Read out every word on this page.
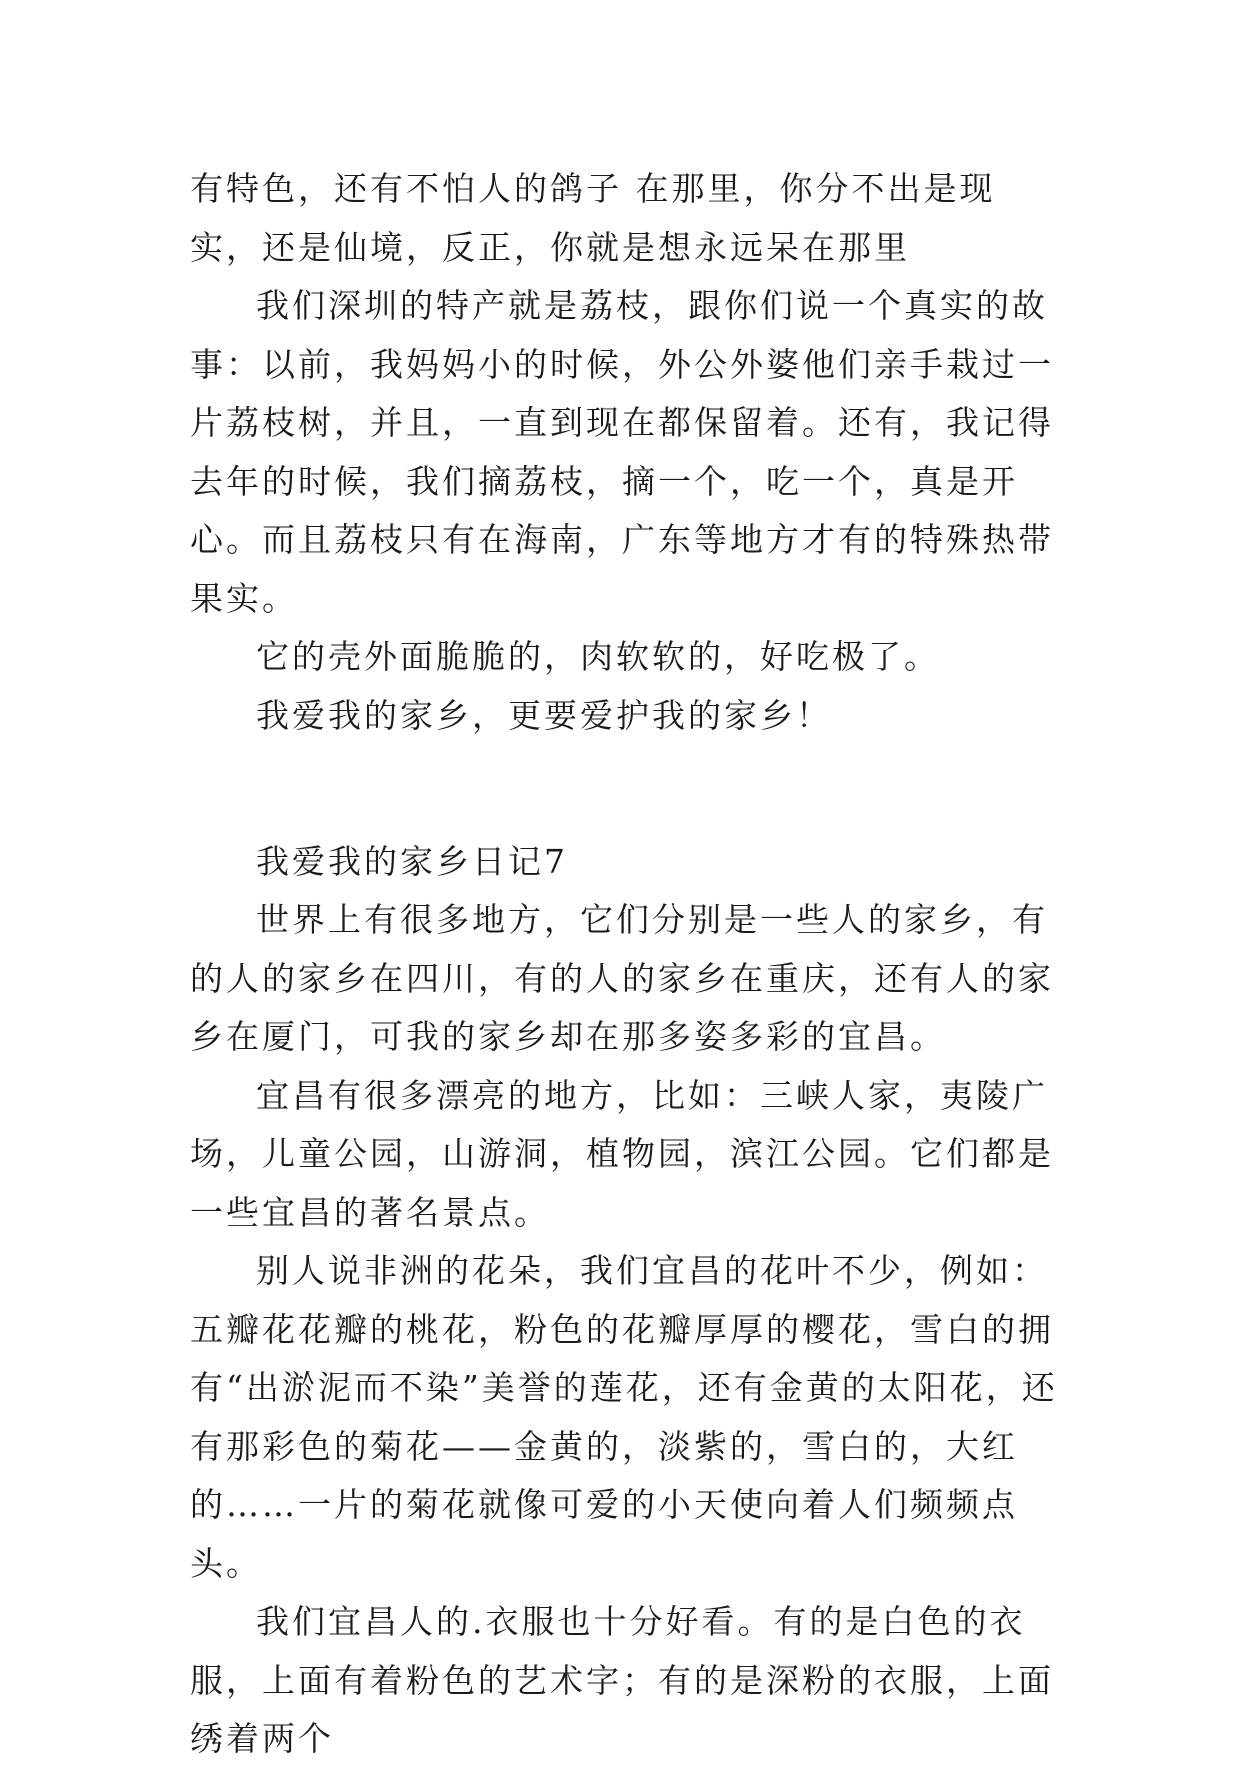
有特色，还有不怕人的鸽子 在那里，你分不出是现实，还是仙境，反正，你就是想永远呆在那里

我们深圳的特产就是荔枝，跟你们说一个真实的故事：以前，我妈妈小的时候，外公外婆他们亲手栽过一片荔枝树，并且，一直到现在都保留着。还有，我记得去年的时候，我们摘荔枝，摘一个，吃一个，真是开心。而且荔枝只有在海南，广东等地方才有的特殊热带果实。

它的壳外面脆脆的，肉软软的，好吃极了。

我爱我的家乡，更要爱护我的家乡！

我爱我的家乡日记7

世界上有很多地方，它们分别是一些人的家乡，有的人的家乡在四川，有的人的家乡在重庆，还有人的家乡在厦门，可我的家乡却在那多姿多彩的宜昌。

宜昌有很多漂亮的地方，比如：三峡人家，夷陵广场，儿童公园，山游洞，植物园，滨江公园。它们都是一些宜昌的著名景点。

别人说非洲的花朵，我们宜昌的花叶不少，例如：五瓣花花瓣的桃花，粉色的花瓣厚厚的樱花，雪白的拥有“出淤泥而不染”美誉的莲花，还有金黄的太阳花，还有那彩色的菊花——金黄的，淡紫的，雪白的，大红的……一片的菊花就像可爱的小天使向着人们频频点头。

我们宜昌人的.衣服也十分好看。有的是白色的衣服，上面有着粉色的艺术字；有的是深粉的衣服，上面绣着两个
